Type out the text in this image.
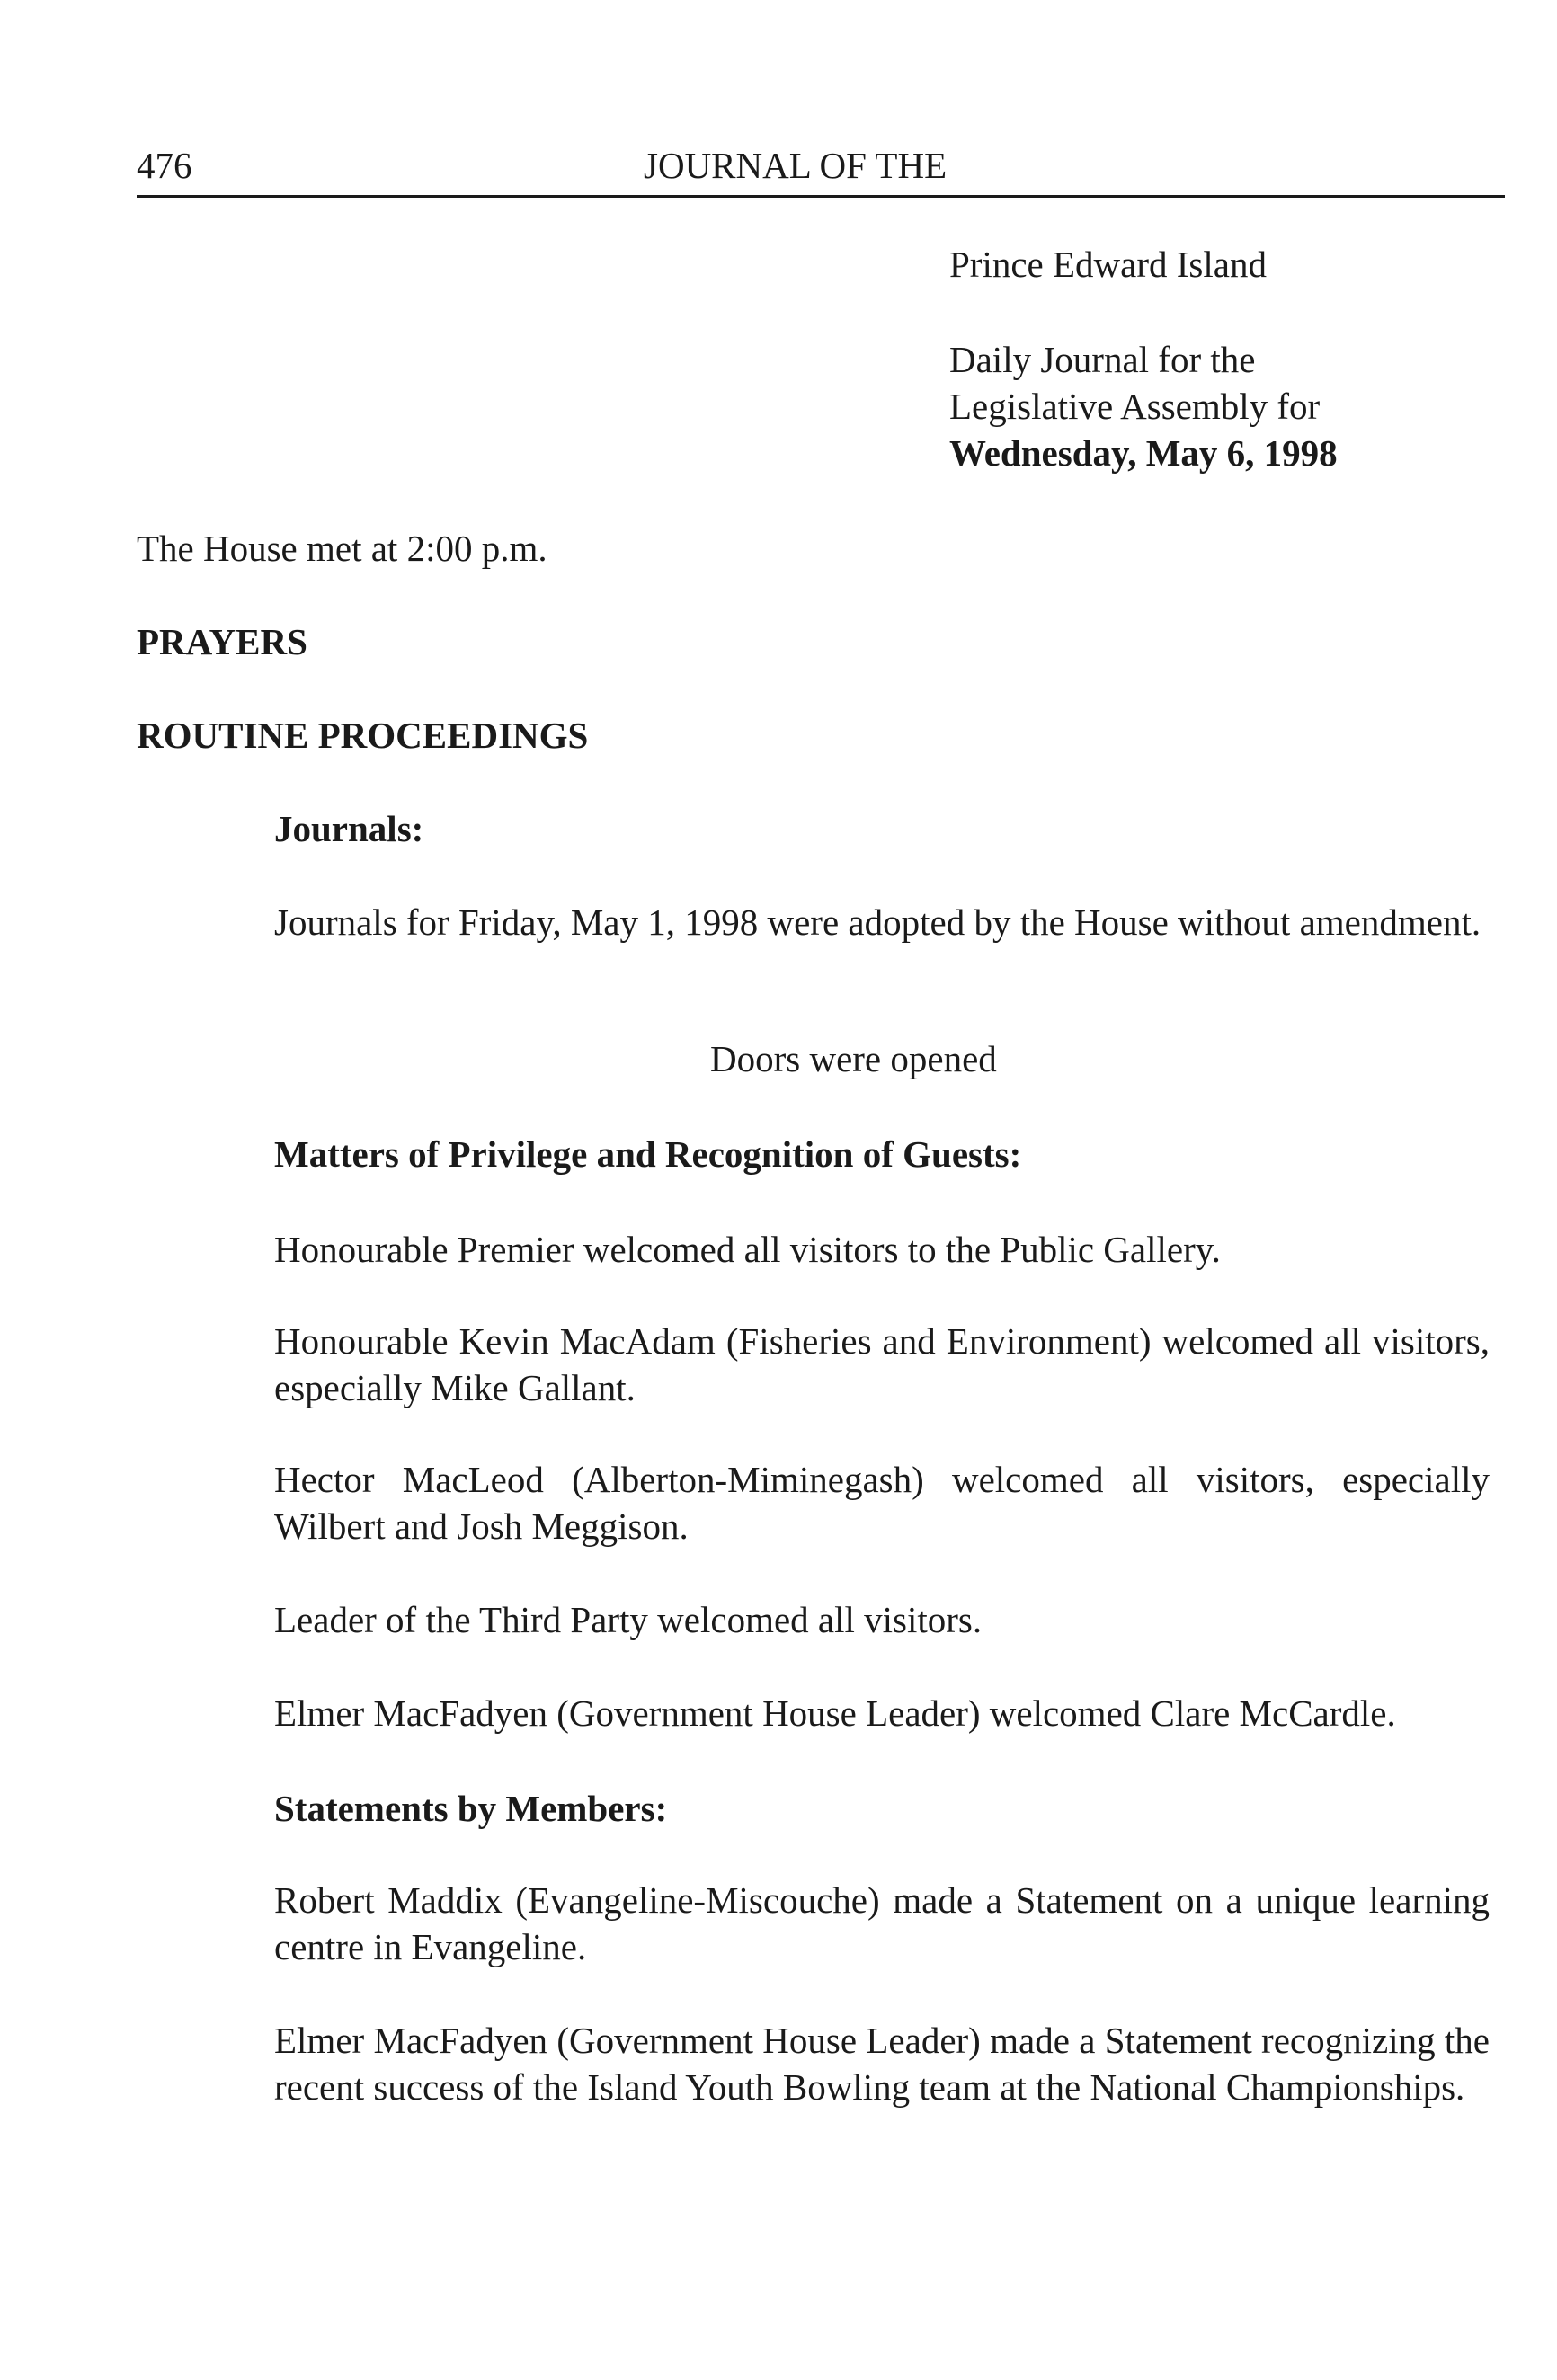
476	JOURNAL OF THE
Prince Edward Island
Daily Journal for the
Legislative Assembly for
Wednesday, May 6, 1998
The House met at 2:00 p.m.
PRAYERS
ROUTINE PROCEEDINGS
Journals:
Journals for Friday, May 1, 1998 were adopted by the House without amendment.
Doors were opened
Matters of Privilege and Recognition of Guests:
Honourable Premier welcomed all visitors to the Public Gallery.
Honourable Kevin MacAdam (Fisheries and Environment) welcomed all visitors, especially Mike Gallant.
Hector MacLeod (Alberton-Miminegash) welcomed all visitors, especially Wilbert and Josh Meggison.
Leader of the Third Party welcomed all visitors.
Elmer MacFadyen (Government House Leader) welcomed Clare McCardle.
Statements by Members:
Robert Maddix (Evangeline-Miscouche) made a Statement on a unique learning centre in Evangeline.
Elmer MacFadyen (Government House Leader) made a Statement recognizing the recent success of the Island Youth Bowling team at the National Championships.
